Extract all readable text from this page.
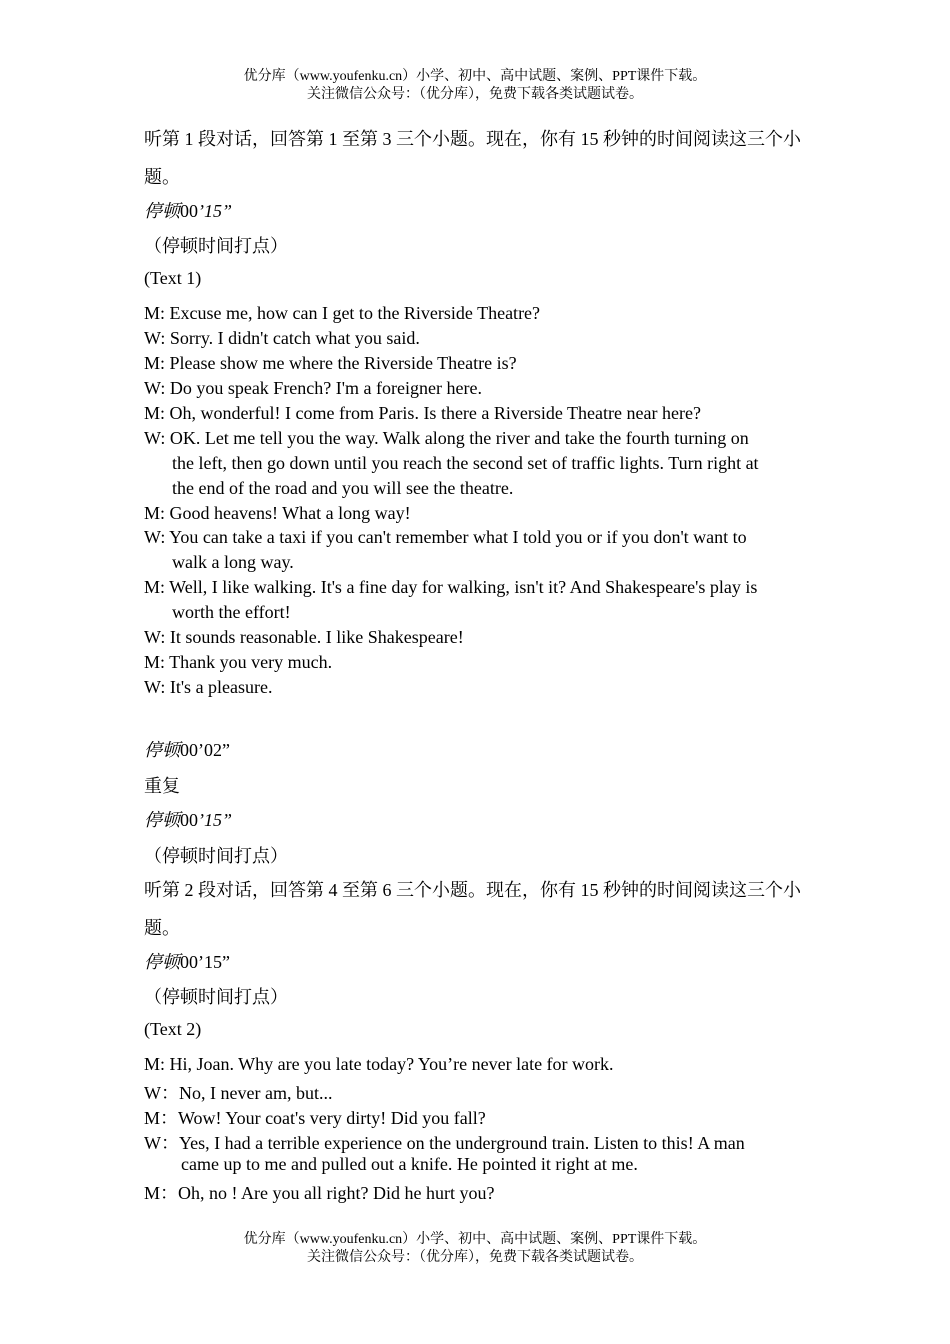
优分库（www.youfenku.cn）小学、初中、高中试题、案例、PPT课件下载。
关注微信公众号：（优分库），免费下载各类试题试卷。
听第 1 段对话，回答第 1 至第 3 三个小题。现在，你有 15 秒钟的时间阅读这三个小
题。
停顿00’15”
（停顿时间打点）
(Text 1)
M: Excuse me, how can I get to the Riverside Theatre?
W: Sorry. I didn't catch what you said.
M: Please show me where the Riverside Theatre is?
W: Do you speak French? I'm a foreigner here.
M: Oh, wonderful! I come from Paris. Is there a Riverside Theatre near here?
W: OK. Let me tell you the way. Walk along the river and take the fourth turning on
the left, then go down until you reach the second set of traffic lights. Turn right at
the end of the road and you will see the theatre.
M: Good heavens! What a long way!
W: You can take a taxi if you can't remember what I told you or if you don't want to
walk a long way.
M: Well, I like walking. It's a fine day for walking, isn't it? And Shakespeare's play is
worth the effort!
W: It sounds reasonable. I like Shakespeare!
M: Thank you very much.
W: It's a pleasure.
停顿00’02”
重复
停顿00’15”
（停顿时间打点）
听第 2 段对话，回答第 4 至第 6 三个小题。现在，你有 15 秒钟的时间阅读这三个小
题。
停顿00’15”
（停顿时间打点）
(Text 2)
M: Hi, Joan. Why are you late today? You’re never late for work.
W：No, I never am, but...
M：Wow! Your coat's very dirty! Did you fall?
W：Yes, I had a terrible experience on the underground train. Listen to this! A man
came up to me and pulled out a knife. He pointed it right at me.
M：Oh, no ! Are you all right? Did he hurt you?
优分库（www.youfenku.cn）小学、初中、高中试题、案例、PPT课件下载。
关注微信公众号：（优分库），免费下载各类试题试卷。
